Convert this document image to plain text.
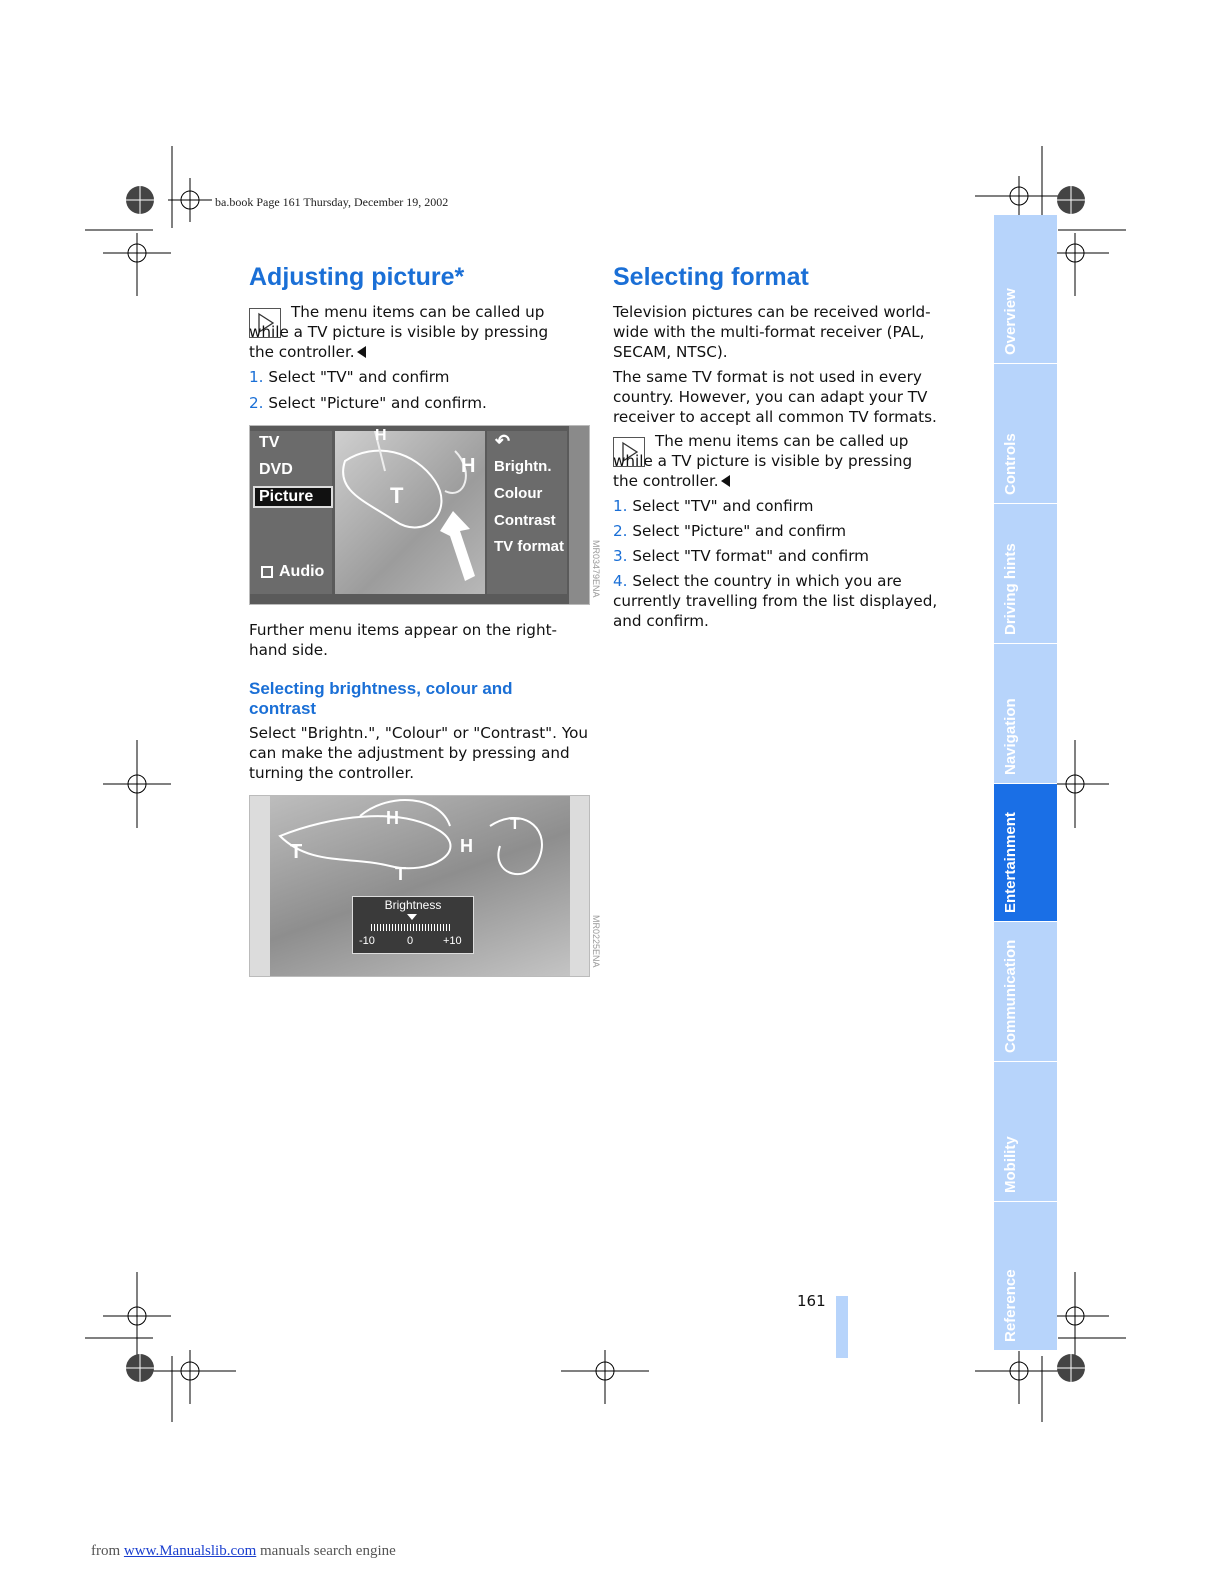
ba.book Page 161 Thursday, December 19, 2002
Adjusting picture*

The menu items can be called up while a TV picture is visible by pressing the controller.

1. Select "TV" and confirm

2. Select "Picture" and confirm.

TV
DVD
Picture
Audio
H
H
T
↶
Brightn.
Colour
Contrast
TV format	MR03479ENA

Further menu items appear on the right-hand side.

Selecting brightness, colour and contrast

Select "Brightn.", "Colour" or "Contrast". You can make the adjustment by pressing and turning the controller.

H
H
T
T
T
Brightness
-10	0	+10	MR0225ENA
Selecting format

Television pictures can be received world-wide with the multi-format receiver (PAL, SECAM, NTSC).

The same TV format is not used in every country. However, you can adapt your TV receiver to accept all common TV formats.

The menu items can be called up while a TV picture is visible by pressing the controller.

1. Select "TV" and confirm

2. Select "Picture" and confirm

3. Select "TV format" and confirm

4. Select the country in which you are currently travelling from the list displayed, and confirm.

Overview
Controls
Driving hints
Navigation
Entertainment
Communication
Mobility
Reference
161
from www.Manualslib.com manuals search engine
